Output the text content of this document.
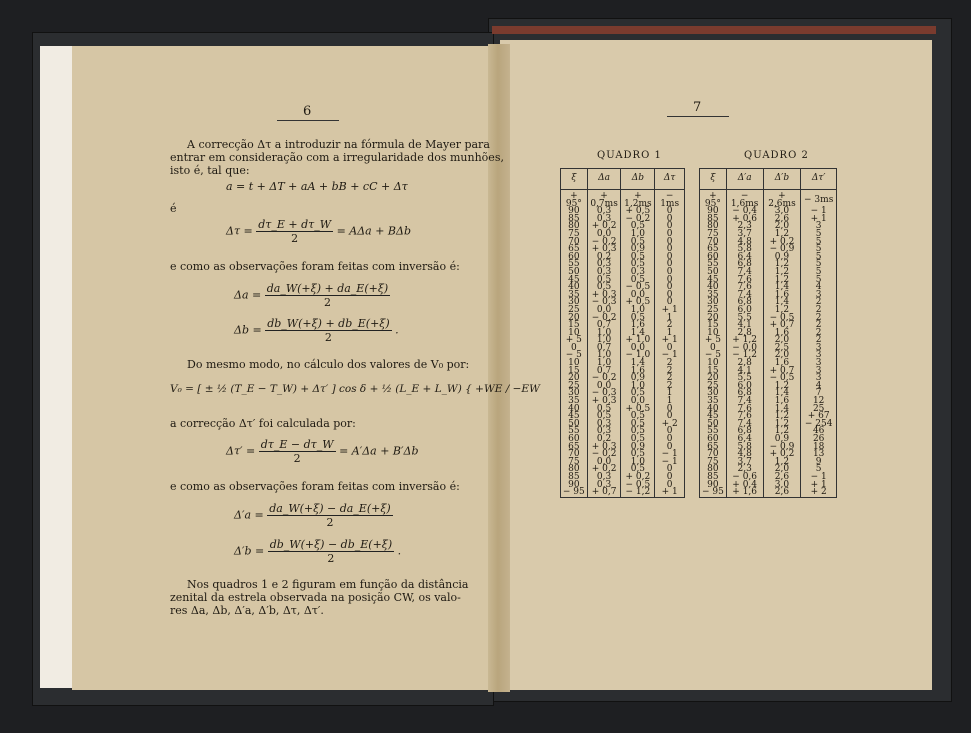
6
A correcção Δτ a introduzir na fórmula de Mayer para
entrar em consideração com a irregularidade dos munhões,
isto é, tal que:
a = t + ΔT + aA + bB + cC + Δτ
é
$\Delta\tau = \frac{d\tau\_E + d\tau\_W}{2} = A\Delta a + B\Delta b$
e como as observações foram feitas com inversão é:
$\Delta a = \frac{da\_W(+\xi) + da\_E(+\xi)}{2}$
$\Delta b = \frac{db\_W(+\xi) + db\_E(+\xi)}{2}$ .
Do mesmo modo, no cálculo dos valores de V₀ por:
V₀ = [ ± ½ (T_E − T_W) + Δτ′ ] cos δ + ½ (L_E + L_W) { +WE / −EW
a correcção Δτ′ foi calculada por:
$\Delta\tau' = \frac{d\tau\_E - d\tau\_W}{2} = A'\Delta a + B'\Delta b$
e como as observações foram feitas com inversão é:
$\Delta'a = \frac{da\_W(+\xi) - da\_E(+\xi)}{2}$
$\Delta'b = \frac{db\_W(+\xi) - db\_E(+\xi)}{2}$ .
Nos quadros 1 e 2 figuram em função da distância
zenital da estrela observada na posição CW, os valo-
res Δa, Δb, Δ′a, Δ′b, Δτ, Δτ′.
7
QUADRO 1	QUADRO 2
ξ	Δa	Δb	Δτ
+ 95°	+ 0,7ms	+ 1,2ms	− 1ms
90	0,3	+ 0,5	0
85	0,3	− 0,2	0
80	+ 0,2	0,5	0
75	0,0	1,0	0
70	− 0,2	0,5	0
65	+ 0,3	0,9	0
60	0,2	0,5	0
55	0,3	0,5	0
50	0,3	0,3	0
45	0,5	0,5	0
40	0,5	− 0,5	0
35	+ 0,3	0,0	0
30	− 0,3	+ 0,5	0
25	0,0	1,0	+ 1
20	− 0,2	0,5	1
15	0,7	1,6	2
10	1,0	1,4	1
+ 5	1,0	+ 1,0	+ 1
0	0,7	0,0	0
− 5	1,0	− 1,0	− 1
10	1,0	1,4	2
15	0,7	1,6	2
20	− 0,2	0,9	2
25	0,0	1,0	2
30	− 0,3	0,5	1
35	+ 0,3	0,0	1
40	0,5	+ 0,5	0
45	0,5	0,5	0
50	0,3	0,5	+ 2
55	0,3	0,5	0
60	0,2	0,5	0
65	+ 0,3	0,9	0
70	− 0,2	0,5	− 1
75	0,0	1,0	− 1
80	+ 0,2	0,5	0
85	0,3	+ 0,2	0
90	0,3	− 0,5	0
− 95	+ 0,7	− 1,2	+ 1
ξ	Δ′a	Δ′b	Δτ′
+ 95°	− 1,6ms	+ 2,6ms	− 3ms
90	− 0,4	3,0	− 1
85	+ 0,6	2,6	+ 1
80	2,3	2,0	3
75	3,7	1,2	5
70	4,8	+ 0,2	5
65	5,8	− 0,9	5
60	6,4	0,9	5
55	6,8	1,2	5
50	7,4	1,2	5
45	7,6	1,2	5
40	7,6	1,4	4
35	7,4	1,6	3
30	6,8	1,4	2
25	6,0	1,2	2
20	5,5	− 0,5	2
15	4,1	+ 0,7	2
10	2,8	1,6	2
+ 5	+ 1,2	2,0	2
0	− 0,0	2,5	3
− 5	− 1,2	2,0	3
10	2,8	1,6	3
15	4,1	+ 0,7	3
20	5,5	− 0,5	3
25	6,0	1,2	4
30	6,8	1,4	7
35	7,4	1,6	12
40	7,6	1,4	25
45	7,6	1,2	+ 67
50	7,4	1,2	− 254
55	6,8	1,2	46
60	6,4	0,9	26
65	5,8	− 0,9	18
70	4,8	+ 0,2	13
75	3,7	1,2	9
80	2,3	2,0	5
85	− 0,6	2,6	− 1
90	+ 0,4	3,0	+ 1
− 95	+ 1,6	2,6	+ 2
